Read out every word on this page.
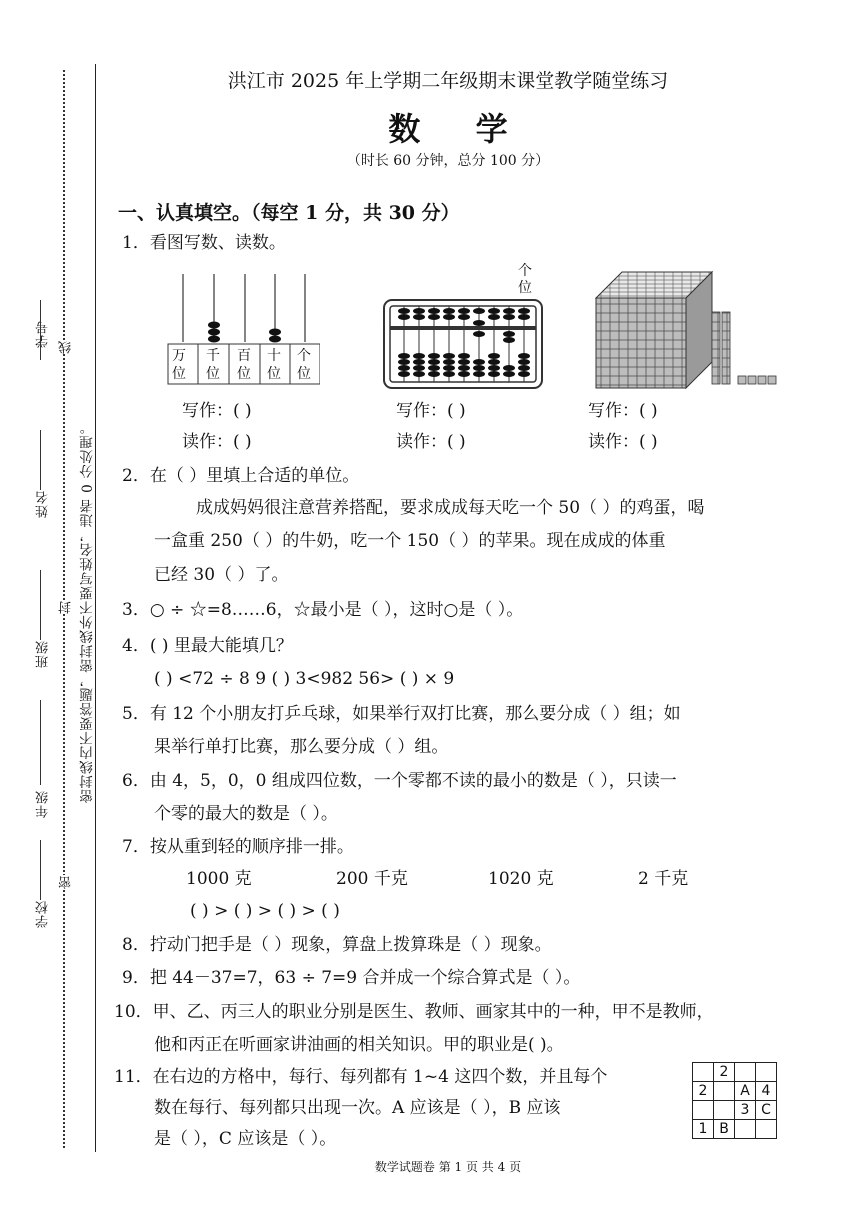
学号
姓名
班级
年级
学校
线
封
密
密封线内不要答题，密封线外不要写姓名，违者 0 分处理。
洪江市 2025 年上学期二年级期末课堂教学随堂练习
数 学
（时长 60 分钟，总分 100 分）
一、认真填空。（每空 1 分，共 30 分）
1．看图写数、读数。
万位
千位
百位
十位
个位
个位
写作：( )	写作：( )	写作：( )
读作：( )	读作：( )	读作：( )
2．在（ ）里填上合适的单位。
成成妈妈很注意营养搭配，要求成成每天吃一个 50（ ）的鸡蛋，喝
一盒重 250（ ）的牛奶，吃一个 150（ ）的苹果。现在成成的体重
已经 30（ ）了。
3．○ ÷ ☆=8……6，☆最小是（ ），这时○是（ ）。
4．( ) 里最大能填几？
( ) <72 ÷ 8 9 ( ) 3<982 56> ( ) × 9
5．有 12 个小朋友打乒乓球，如果举行双打比赛，那么要分成（ ）组；如
果举行单打比赛，那么要分成（ ）组。
6．由 4，5，0，0 组成四位数，一个零都不读的最小的数是（ ），只读一
个零的最大的数是（ ）。
7．按从重到轻的顺序排一排。
1000 克	200 千克	1020 克	2 千克
( ) > ( ) > ( ) > ( )
8．拧动门把手是（ ）现象，算盘上拨算珠是（ ）现象。
9．把 44－37=7，63 ÷ 7=9 合并成一个综合算式是（ ）。
10．甲、乙、丙三人的职业分别是医生、教师、画家其中的一种，甲不是教师，
他和丙正在听画家讲油画的相关知识。甲的职业是( )。
11．在右边的方格中，每行、每列都有 1~4 这四个数，并且每个
数在每行、每列都只出现一次。A 应该是（ ），B 应该
是（ ），C 应该是（ ）。
	2		
2		A	4
		3	C
1	B		
数学试题卷 第 1 页 共 4 页
